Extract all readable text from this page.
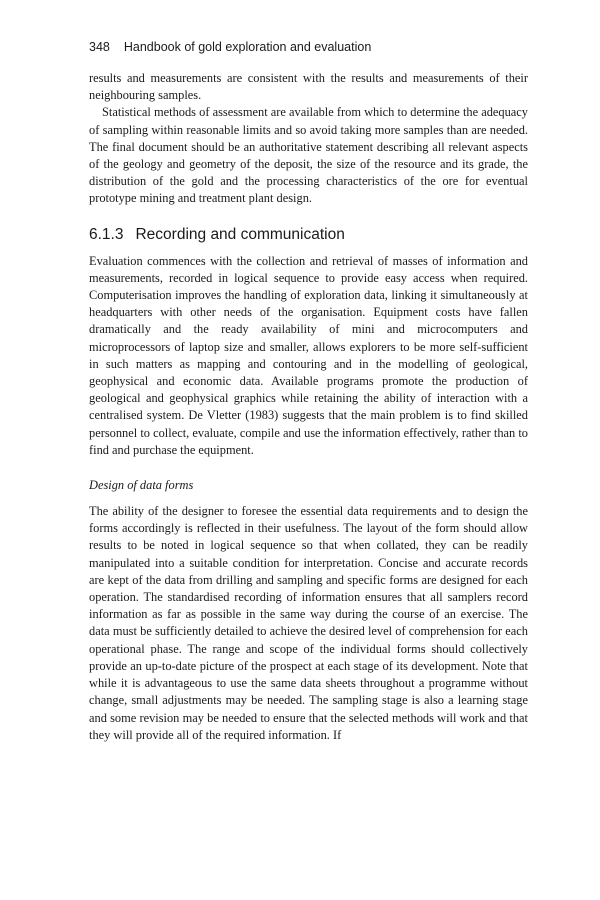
348 Handbook of gold exploration and evaluation

results and measurements are consistent with the results and measurements of their neighbouring samples.

Statistical methods of assessment are available from which to determine the adequacy of sampling within reasonable limits and so avoid taking more samples than are needed. The final document should be an authoritative statement describing all relevant aspects of the geology and geometry of the deposit, the size of the resource and its grade, the distribution of the gold and the processing characteristics of the ore for eventual prototype mining and treatment plant design.

6.1.3 Recording and communication

Evaluation commences with the collection and retrieval of masses of information and measurements, recorded in logical sequence to provide easy access when required. Computerisation improves the handling of exploration data, linking it simultaneously at headquarters with other needs of the organisation. Equipment costs have fallen dramatically and the ready availability of mini and microcomputers and microprocessors of laptop size and smaller, allows explorers to be more self-sufficient in such matters as mapping and contouring and in the modelling of geological, geophysical and economic data. Available programs promote the production of geological and geophysical graphics while retaining the ability of interaction with a centralised system. De Vletter (1983) suggests that the main problem is to find skilled personnel to collect, evaluate, compile and use the information effectively, rather than to find and purchase the equipment.

Design of data forms

The ability of the designer to foresee the essential data requirements and to design the forms accordingly is reflected in their usefulness. The layout of the form should allow results to be noted in logical sequence so that when collated, they can be readily manipulated into a suitable condition for interpretation. Concise and accurate records are kept of the data from drilling and sampling and specific forms are designed for each operation. The standardised recording of information ensures that all samplers record information as far as possible in the same way during the course of an exercise. The data must be sufficiently detailed to achieve the desired level of comprehension for each operational phase. The range and scope of the individual forms should collectively provide an up-to-date picture of the prospect at each stage of its development. Note that while it is advantageous to use the same data sheets throughout a programme without change, small adjustments may be needed. The sampling stage is also a learning stage and some revision may be needed to ensure that the selected methods will work and that they will provide all of the required information. If
